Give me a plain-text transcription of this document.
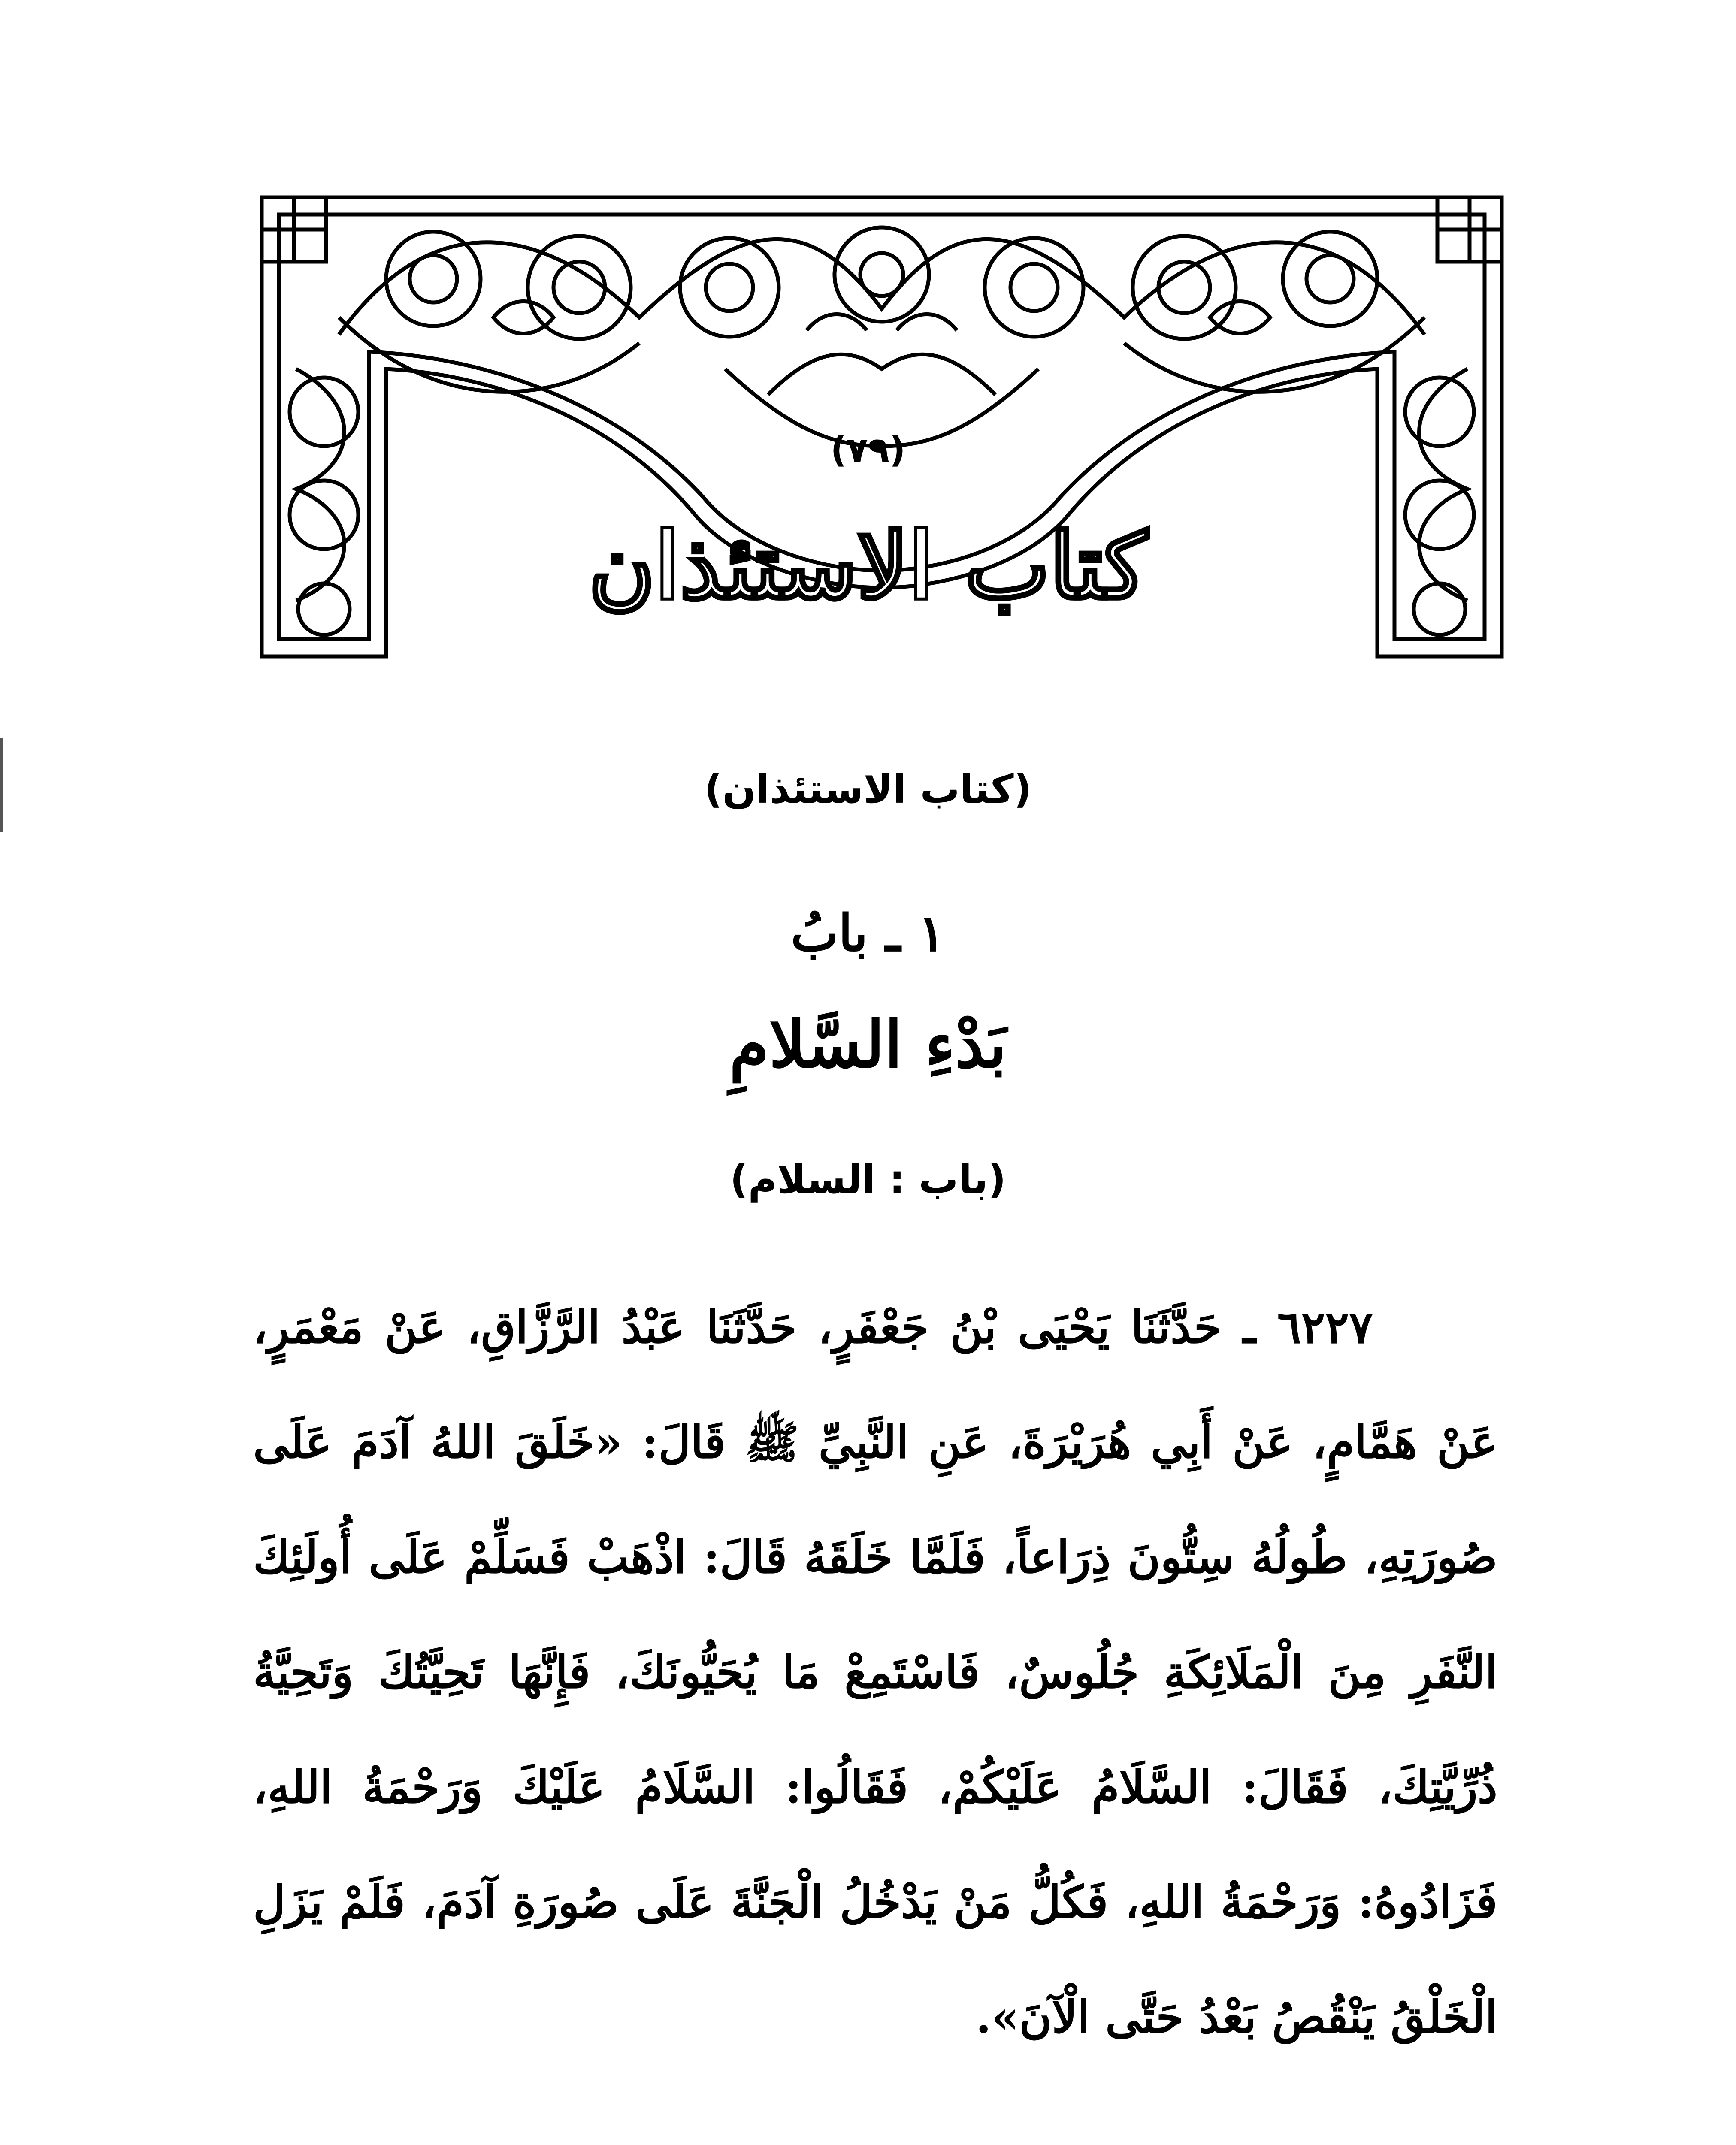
(٧٩)
كتاب الاستئذان
(كتاب الاستئذان)
١ ـ بابُ
بَدْءِ السَّلامِ
(باب : السلام)
٦٢٢٧ ـ حَدَّثَنَا يَحْيَى بْنُ جَعْفَرٍ، حَدَّثَنَا عَبْدُ الرَّزَّاقِ، عَنْ مَعْمَرٍ،
عَنْ هَمَّامٍ، عَنْ أَبِي هُرَيْرَةَ، عَنِ النَّبِيِّ ﷺ قَالَ: «خَلَقَ اللهُ آدَمَ عَلَى
صُورَتِهِ، طُولُهُ سِتُّونَ ذِرَاعاً، فَلَمَّا خَلَقَهُ قَالَ: اذْهَبْ فَسَلِّمْ عَلَى أُولَئِكَ
النَّفَرِ مِنَ الْمَلَائِكَةِ جُلُوسٌ، فَاسْتَمِعْ مَا يُحَيُّونَكَ، فَإِنَّهَا تَحِيَّتُكَ وَتَحِيَّةُ
ذُرِّيَّتِكَ، فَقَالَ: السَّلَامُ عَلَيْكُمْ، فَقَالُوا: السَّلَامُ عَلَيْكَ وَرَحْمَةُ اللهِ،
فَزَادُوهُ: وَرَحْمَةُ اللهِ، فَكُلُّ مَنْ يَدْخُلُ الْجَنَّةَ عَلَى صُورَةِ آدَمَ، فَلَمْ يَزَلِ
الْخَلْقُ يَنْقُصُ بَعْدُ حَتَّى الْآنَ».
